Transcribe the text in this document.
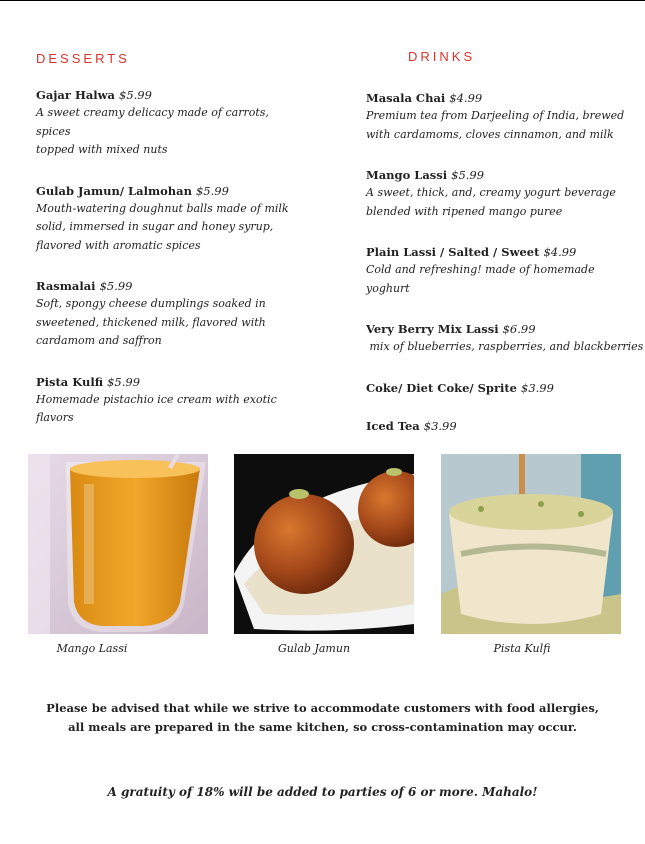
DESSERTS
Gajar Halwa $5.99
A sweet creamy delicacy made of carrots, spices
topped with mixed nuts
Gulab Jamun/ Lalmohan $5.99
Mouth-watering doughnut balls made of milk
solid, immersed in sugar and honey syrup,
flavored with aromatic spices
Rasmalai $5.99
Soft, spongy cheese dumplings soaked in
sweetened, thickened milk, flavored with
cardamom and saffron
Pista Kulfi $5.99
Homemade pistachio ice cream with exotic
flavors
DRINKS
Masala Chai $4.99
Premium tea from Darjeeling of India, brewed
with cardamoms, cloves cinnamon, and milk
Mango Lassi $5.99
A sweet, thick, and, creamy yogurt beverage
blended with ripened mango puree
Plain Lassi / Salted / Sweet $4.99
Cold and refreshing! made of homemade yoghurt
Very Berry Mix Lassi $6.99
mix of blueberries, raspberries, and blackberries
Coke/ Diet Coke/ Sprite $3.99
Iced Tea $3.99
Mango Lassi	Gulab Jamun	Pista Kulfi
Please be advised that while we strive to accommodate customers with food allergies,
all meals are prepared in the same kitchen, so cross-contamination may occur.
A gratuity of 18% will be added to parties of 6 or more. Mahalo!
